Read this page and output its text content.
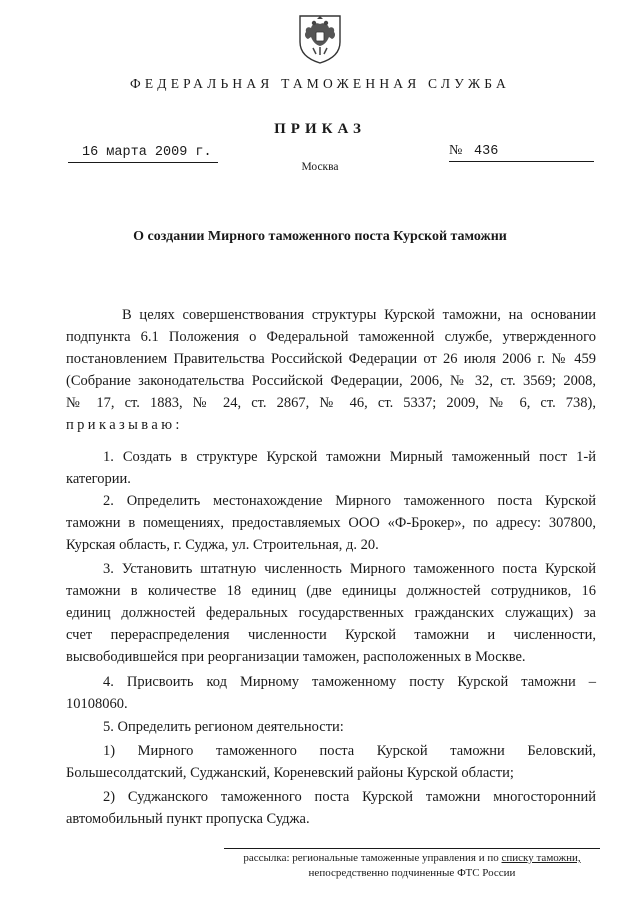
ФЕДЕРАЛЬНАЯ ТАМОЖЕННАЯ СЛУЖБА
ПРИКАЗ
16 марта 2009 г.	№ 436
Москва
О создании Мирного таможенного поста Курской таможни
В целях совершенствования структуры Курской таможни, на основании
подпункта 6.1 Положения о Федеральной таможенной службе, утвержденного
постановлением Правительства Российской Федерации от 26 июля 2006 г. № 459
(Собрание законодательства Российской Федерации, 2006, № 32, ст. 3569; 2008,
№ 17, ст. 1883, № 24, ст. 2867, № 46, ст. 5337; 2009, № 6, ст. 738),
приказываю:
1. Создать в структуре Курской таможни Мирный таможенный пост 1-й
категории.
2. Определить местонахождение Мирного таможенного поста Курской
таможни в помещениях, предоставляемых ООО «Ф-Брокер», по адресу: 307800,
Курская область, г. Суджа, ул. Строительная, д. 20.
3. Установить штатную численность Мирного таможенного поста Курской
таможни в количестве 18 единиц (две единицы должностей сотрудников, 16
единиц должностей федеральных государственных гражданских служащих) за
счет перераспределения численности Курской таможни и численности,
высвободившейся при реорганизации таможен, расположенных в Москве.
4. Присвоить код Мирному таможенному посту Курской таможни –
10108060.
5. Определить регионом деятельности:
1) Мирного таможенного поста Курской таможни Беловский,
Большесолдатский, Суджанский, Кореневский районы Курской области;
2) Суджанского таможенного поста Курской таможни многосторонний
автомобильный пункт пропуска Суджа.
рассылка: региональные таможенные управления и по списку таможни,
непосредственно подчиненные ФТС России
